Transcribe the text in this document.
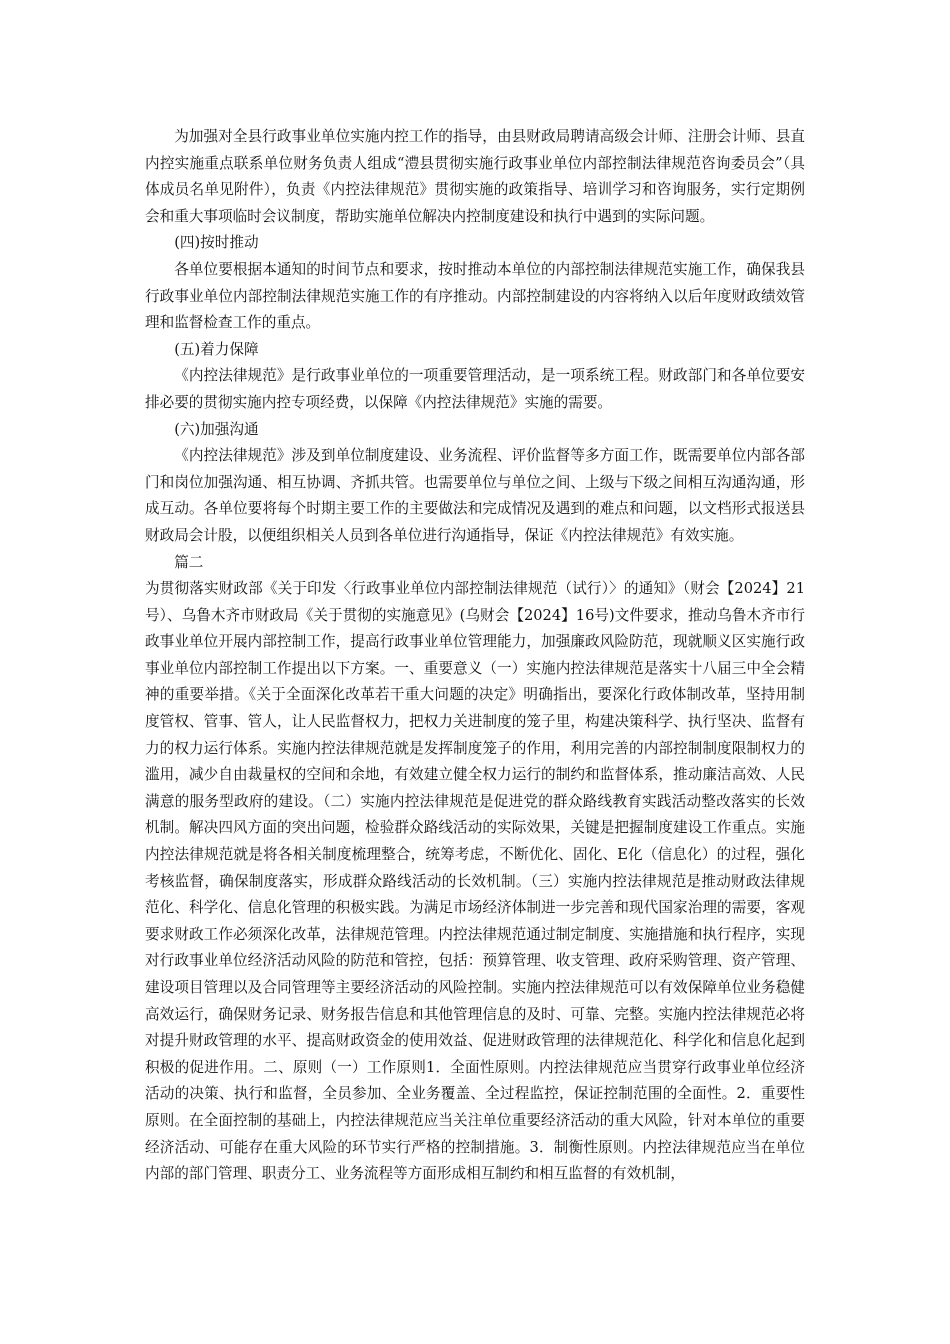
为加强对全县行政事业单位实施内控工作的指导，由县财政局聘请高级会计师、注册会计师、县直内控实施重点联系单位财务负责人组成“澧县贯彻实施行政事业单位内部控制法律规范咨询委员会”（具体成员名单见附件），负责《内控法律规范》贯彻实施的政策指导、培训学习和咨询服务，实行定期例会和重大事项临时会议制度，帮助实施单位解决内控制度建设和执行中遇到的实际问题。

(四)按时推动

各单位要根据本通知的时间节点和要求，按时推动本单位的内部控制法律规范实施工作，确保我县行政事业单位内部控制法律规范实施工作的有序推动。内部控制建设的内容将纳入以后年度财政绩效管理和监督检查工作的重点。

(五)着力保障

《内控法律规范》是行政事业单位的一项重要管理活动，是一项系统工程。财政部门和各单位要安排必要的贯彻实施内控专项经费，以保障《内控法律规范》实施的需要。

(六)加强沟通

《内控法律规范》涉及到单位制度建设、业务流程、评价监督等多方面工作，既需要单位内部各部门和岗位加强沟通、相互协调、齐抓共管。也需要单位与单位之间、上级与下级之间相互沟通沟通，形成互动。各单位要将每个时期主要工作的主要做法和完成情况及遇到的难点和问题，以文档形式报送县财政局会计股，以便组织相关人员到各单位进行沟通指导，保证《内控法律规范》有效实施。

篇二

为贯彻落实财政部《关于印发〈行政事业单位内部控制法律规范（试行）〉的通知》（财会【2024】21号）、乌鲁木齐市财政局《关于贯彻的实施意见》(乌财会【2024】16号)文件要求，推动乌鲁木齐市行政事业单位开展内部控制工作，提高行政事业单位管理能力，加强廉政风险防范，现就顺义区实施行政事业单位内部控制工作提出以下方案。一、重要意义（一）实施内控法律规范是落实十八届三中全会精神的重要举措。《关于全面深化改革若干重大问题的决定》明确指出，要深化行政体制改革，坚持用制度管权、管事、管人，让人民监督权力，把权力关进制度的笼子里，构建决策科学、执行坚决、监督有力的权力运行体系。实施内控法律规范就是发挥制度笼子的作用，利用完善的内部控制制度限制权力的滥用，减少自由裁量权的空间和余地，有效建立健全权力运行的制约和监督体系，推动廉洁高效、人民满意的服务型政府的建设。（二）实施内控法律规范是促进党的群众路线教育实践活动整改落实的长效机制。解决四风方面的突出问题，检验群众路线活动的实际效果，关键是把握制度建设工作重点。实施内控法律规范就是将各相关制度梳理整合，统筹考虑，不断优化、固化、E化（信息化）的过程，强化考核监督，确保制度落实，形成群众路线活动的长效机制。（三）实施内控法律规范是推动财政法律规范化、科学化、信息化管理的积极实践。为满足市场经济体制进一步完善和现代国家治理的需要，客观要求财政工作必须深化改革，法律规范管理。内控法律规范通过制定制度、实施措施和执行程序，实现对行政事业单位经济活动风险的防范和管控，包括：预算管理、收支管理、政府采购管理、资产管理、建设项目管理以及合同管理等主要经济活动的风险控制。实施内控法律规范可以有效保障单位业务稳健高效运行，确保财务记录、财务报告信息和其他管理信息的及时、可靠、完整。实施内控法律规范必将对提升财政管理的水平、提高财政资金的使用效益、促进财政管理的法律规范化、科学化和信息化起到积极的促进作用。二、原则（一）工作原则1．全面性原则。内控法律规范应当贯穿行政事业单位经济活动的决策、执行和监督，全员参加、全业务覆盖、全过程监控，保证控制范围的全面性。2．重要性原则。在全面控制的基础上，内控法律规范应当关注单位重要经济活动的重大风险，针对本单位的重要经济活动、可能存在重大风险的环节实行严格的控制措施。3．制衡性原则。内控法律规范应当在单位内部的部门管理、职责分工、业务流程等方面形成相互制约和相互监督的有效机制，
